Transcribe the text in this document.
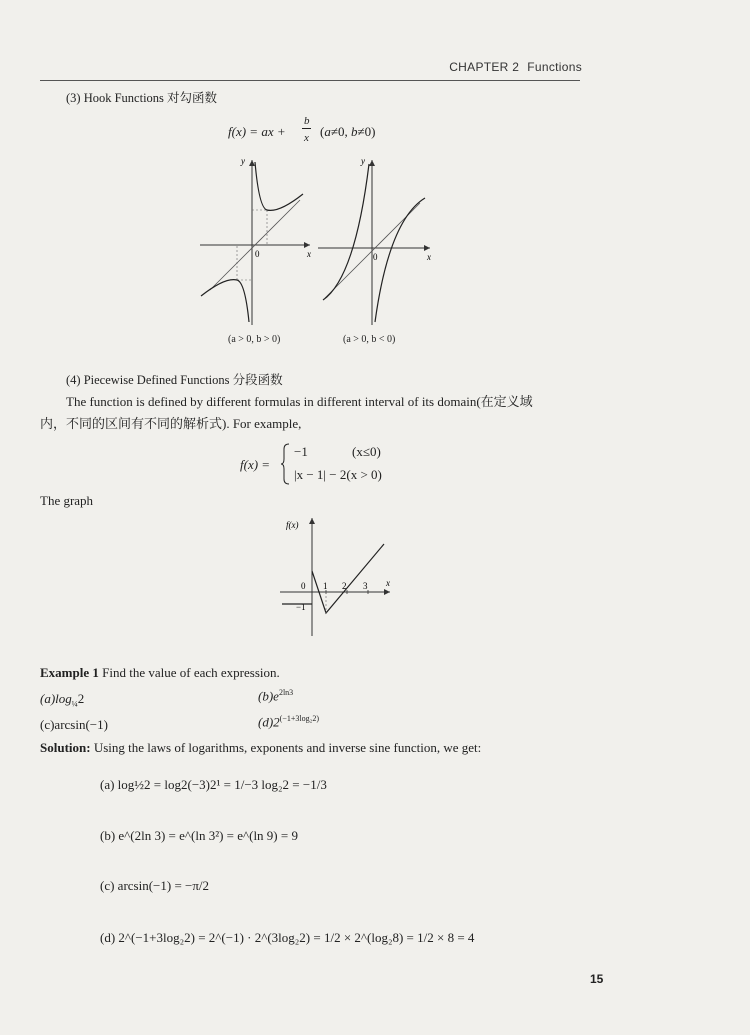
CHAPTER 2 Functions
(3) Hook Functions 对勾函数
f(x) = ax +
b
x (a≠0, b≠0)
y
x
0
y
x
0
(a > 0, b > 0)	(a > 0, b < 0)
(4) Piecewise Defined Functions 分段函数
The function is defined by different formulas in different interval of its domain(在定义域
内，不同的区间有不同的解析式). For example,
f(x) =
−1	(x≤0)
|x − 1| − 2(x > 0)
The graph
f(x)
x
0 1 2 3
−1
Example 1 Find the value of each expression.
$(a)\log_{\frac{1}{4}}2$	$(b)e^{2ln3}$
(c)arcsin(−1)	$(d)2^{(-1+3log_22)}$
Solution: Using the laws of logarithms, exponents and inverse sine function, we get:
(a) log½2 = log2(−3)2¹ = 1/−3 log₂2 = −1/3
(b) e^(2ln 3) = e^(ln 3²) = e^(ln 9) = 9
(c) arcsin(−1) = −π/2
(d) 2^(−1+3log₂2) = 2^(−1) · 2^(3log₂2) = 1/2 × 2^(log₂8) = 1/2 × 8 = 4
15
